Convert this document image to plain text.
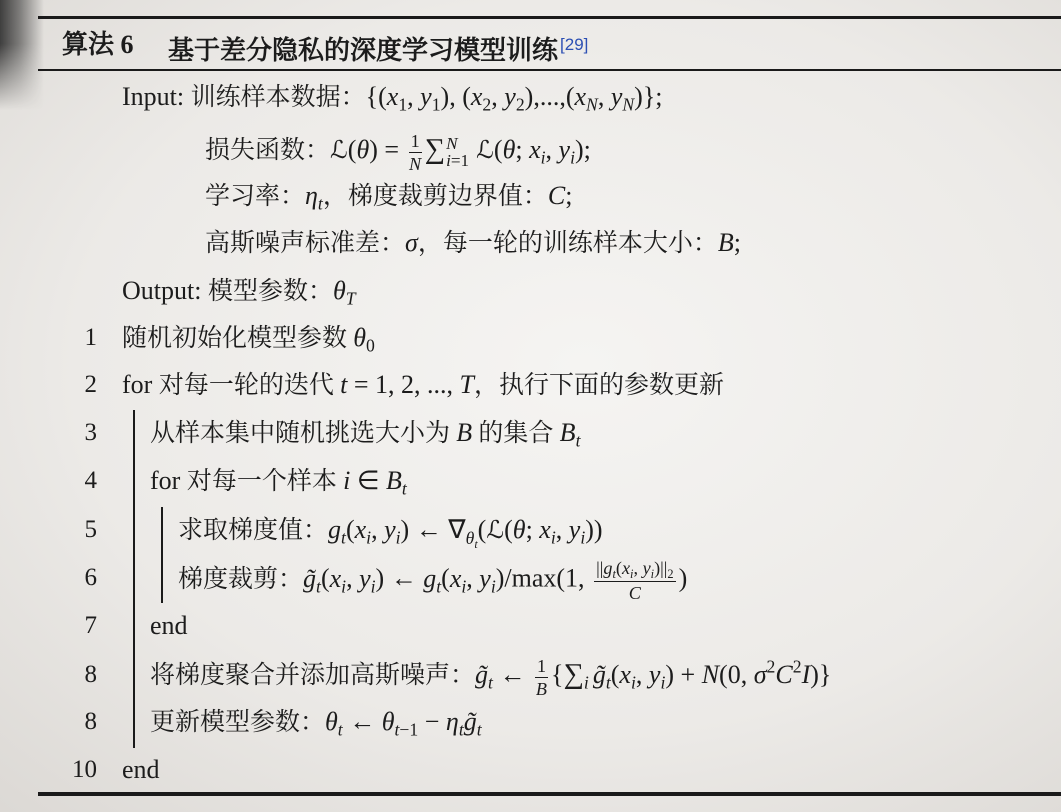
算法 6 基于差分隐私的深度学习模型训练 [29]
Input: 训练样本数据：{($x_1$, $y_1$), ($x_2$, $y_2),...,(x_N$, $y_N$)};
损失函数：ℒ(θ) = $\frac{1}{N}$ ∑ N
i=1 ℒ(θ; $x_i$, $y_i$);
学习率：$\eta_t$，梯度裁剪边界值：C;
高斯噪声标准差：σ，每一轮的训练样本大小：B;
Output: 模型参数：$\theta_T$
1 随机初始化模型参数 $\theta_0$
2 for 对每一轮的迭代 t = 1, 2, ..., T，执行下面的参数更新
3 从样本集中随机挑选大小为 B 的集合 $B_t$
4 for 对每一个样本 i ∈ $B_t$
5	求取梯度值：$g_t(x_i$, $y_i$) ← $\nabla_{\theta_t}(ℒ(\theta$; $x_i$, $y_i$))
6	梯度裁剪：$g̃_t(x_i$, $y_i$) ← $g_t(x_i$, $y_i)/\max(1$, $\frac{||g_t(x_i, y_i)||_2}{C}$ )
7 end
8 将梯度聚合并添加高斯噪声：$g̃_t$ ← $\frac{1}{B} \{\sum_i$ $g̃_t(x_i$, $y_i) + N(0$, $\sigma^2C^2I$)}
8 更新模型参数：$\theta_t$ ← $\theta_{t-1}$ − $\eta_tg̃_t$
10 end
